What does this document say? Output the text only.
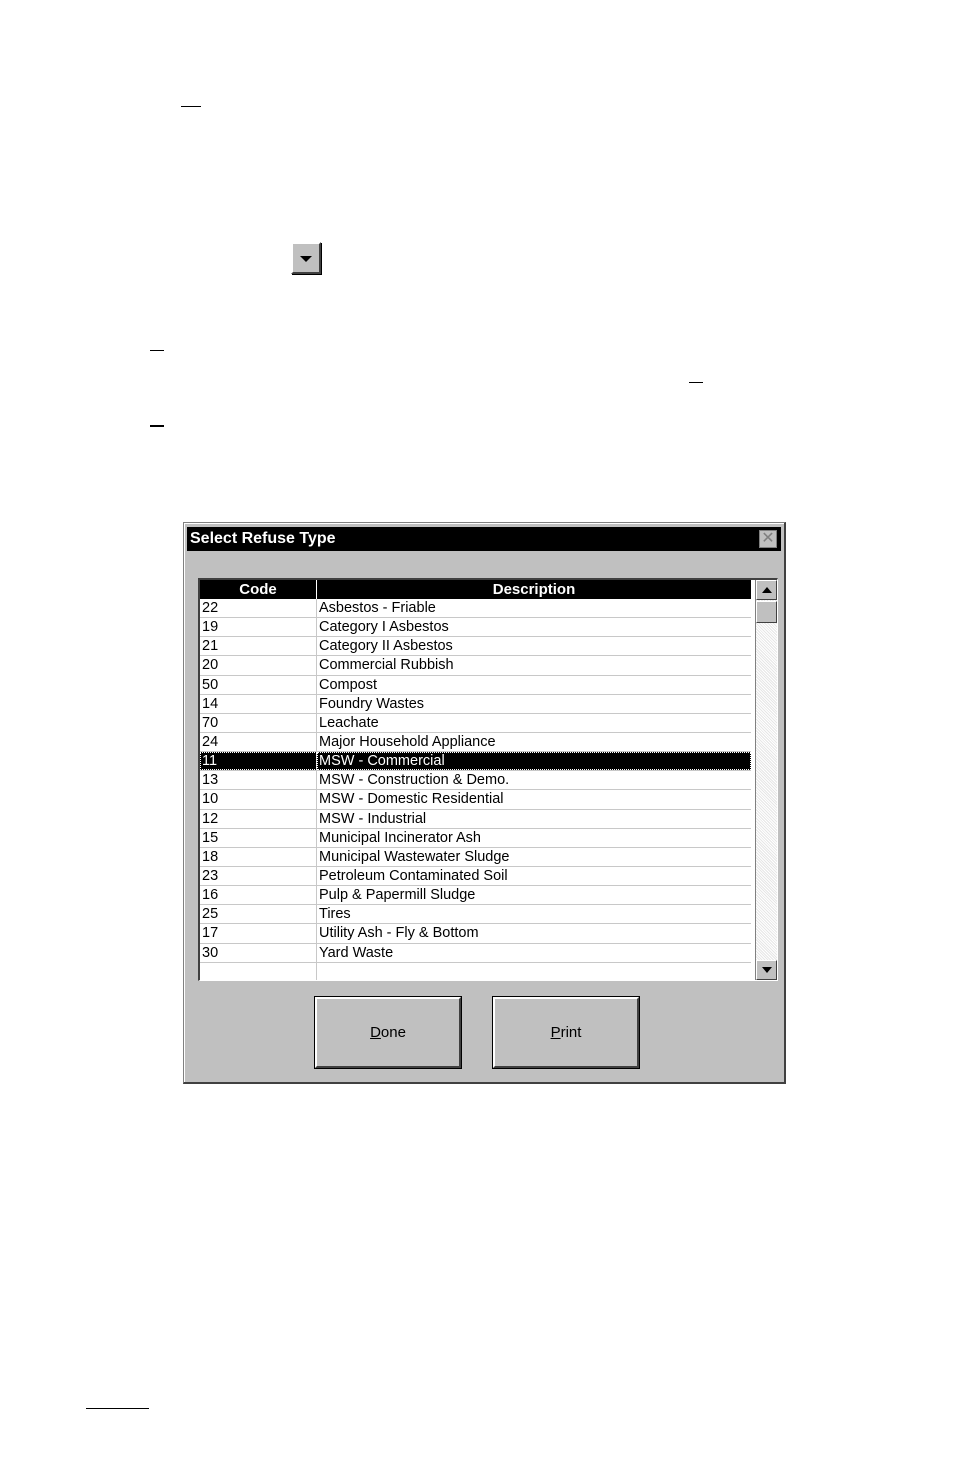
Select Refuse Type	✕
Code	Description
22	Asbestos - Friable
19	Category I Asbestos
21	Category II Asbestos
20	Commercial Rubbish
50	Compost
14	Foundry Wastes
70	Leachate
24	Major Household Appliance
11	MSW - Commercial
13	MSW - Construction & Demo.
10	MSW - Domestic Residential
12	MSW - Industrial
15	Municipal Incinerator Ash
18	Municipal Wastewater Sludge
23	Petroleum Contaminated Soil
16	Pulp & Papermill Sludge
25	Tires
17	Utility Ash - Fly & Bottom
30	Yard Waste
D one	P rint
